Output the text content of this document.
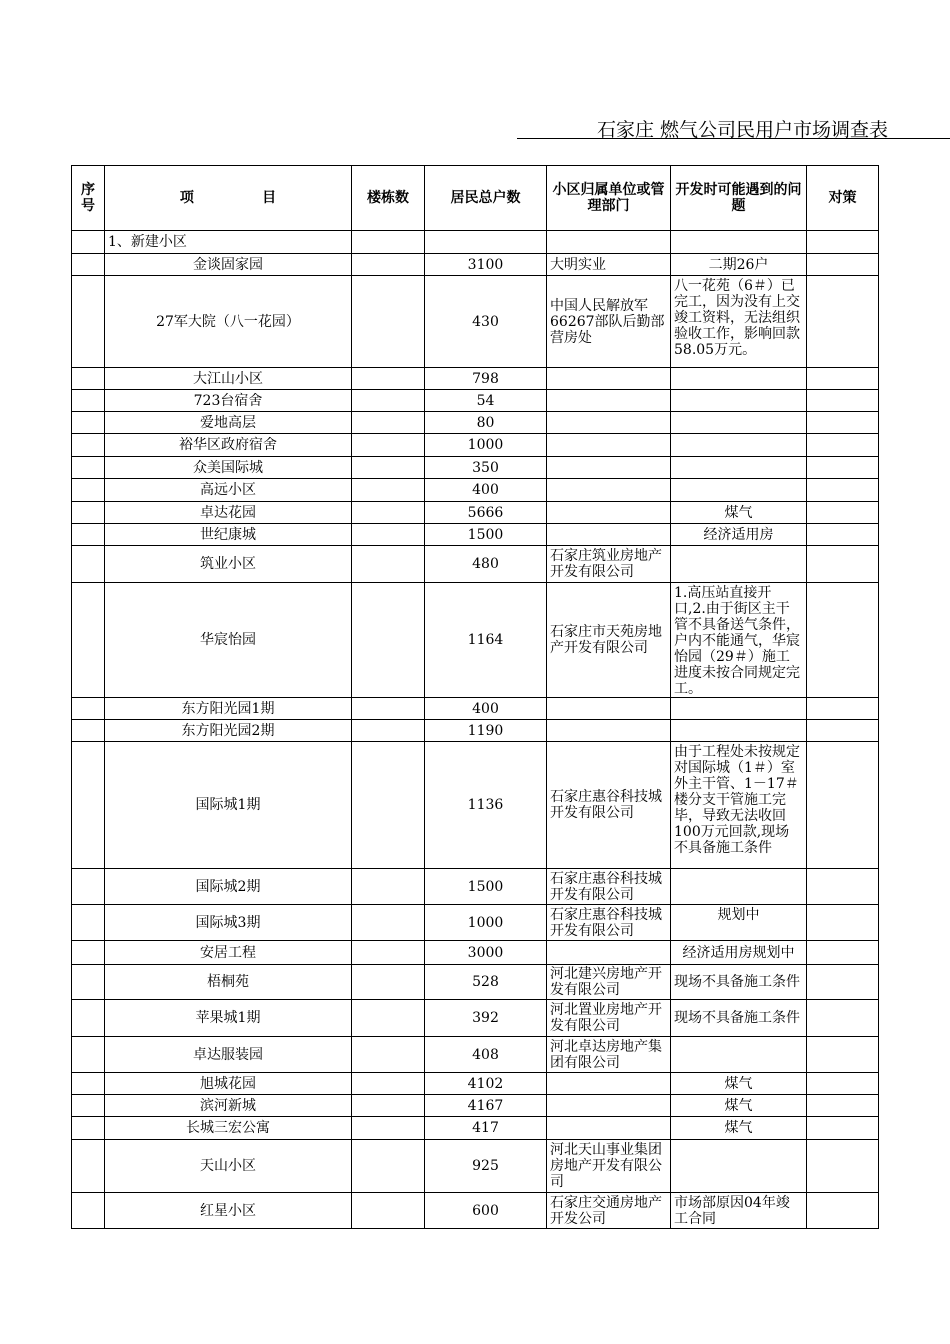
石家庄 燃气公司民用户市场调查表
序号	项              目	楼栋数	居民总户数	小区归属单位或管理部门	开发时可能遇到的问题	对策
	1、新建小区					
	金谈固家园		3100	大明实业	二期26户	
	27军大院（八一花园）		430	中国人民解放军66267部队后勤部营房处	八一花苑（6＃）已完工，因为没有上交竣工资料，无法组织验收工作，影响回款58.05万元。	
	大江山小区		798			
	723台宿舍		54			
	爱地高层		80			
	裕华区政府宿舍		1000			
	众美国际城		350			
	高远小区		400			
	卓达花园		5666		煤气	
	世纪康城		1500		经济适用房	
	筑业小区		480	石家庄筑业房地产开发有限公司		
	华宸怡园		1164	石家庄市天苑房地产开发有限公司	1.高压站直接开口,2.由于街区主干管不具备送气条件，户内不能通气，华宸怡园（29＃）施工进度未按合同规定完工。	
	东方阳光园1期		400			
	东方阳光园2期		1190			
	国际城1期		1136	石家庄惠谷科技城开发有限公司	由于工程处未按规定对国际城（1＃）室外主干管、1－17＃楼分支干管施工完毕，导致无法收回100万元回款,现场不具备施工条件	
	国际城2期		1500	石家庄惠谷科技城开发有限公司		
	国际城3期		1000	石家庄惠谷科技城开发有限公司	规划中	
	安居工程		3000		经济适用房规划中	
	梧桐苑		528	河北建兴房地产开发有限公司	现场不具备施工条件	
	苹果城1期		392	河北置业房地产开发有限公司	现场不具备施工条件	
	卓达服装园		408	河北卓达房地产集团有限公司		
	旭城花园		4102		煤气	
	滨河新城		4167		煤气	
	长城三宏公寓		417		煤气	
	天山小区		925	河北天山事业集团房地产开发有限公司		
	红星小区		600	石家庄交通房地产开发公司	市场部原因04年竣工合同	
